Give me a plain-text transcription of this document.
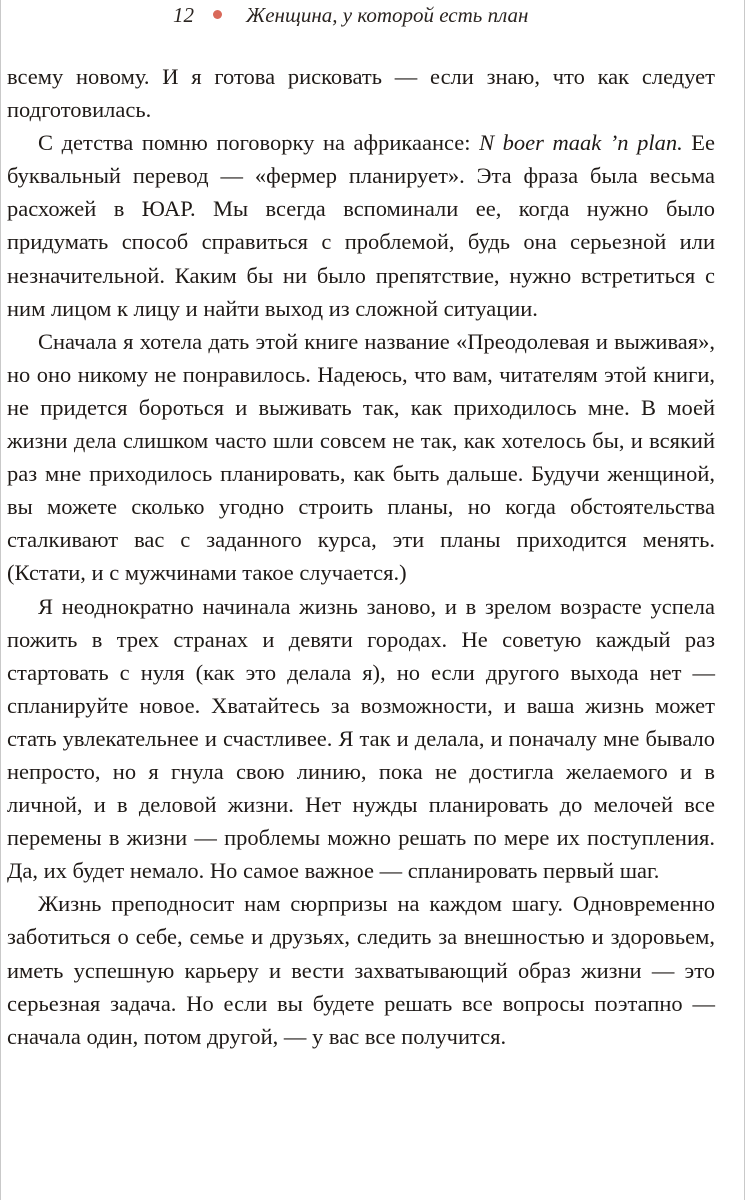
12 Женщина, у которой есть план

всему новому. И я готова рисковать — если знаю, что как следует подготовилась.

С детства помню поговорку на африкаансе: N boer maak ’n plan. Ее буквальный перевод — «фермер планирует». Эта фраза была весьма расхожей в ЮАР. Мы всегда вспоминали ее, когда нужно было придумать способ справиться с проблемой, будь она серьезной или незначительной. Каким бы ни было препятствие, нужно встретиться с ним лицом к лицу и найти выход из сложной ситуации.

Сначала я хотела дать этой книге название «Преодолевая и выживая», но оно никому не понравилось. Надеюсь, что вам, читателям этой книги, не придется бороться и выживать так, как приходилось мне. В моей жизни дела слишком часто шли совсем не так, как хотелось бы, и всякий раз мне приходилось планировать, как быть дальше. Будучи женщиной, вы можете сколько угодно строить планы, но когда обстоятельства сталкивают вас с заданного курса, эти планы приходится менять. (Кстати, и с мужчинами такое случается.)

Я неоднократно начинала жизнь заново, и в зрелом возрасте успела пожить в трех странах и девяти городах. Не советую каждый раз стартовать с нуля (как это делала я), но если другого выхода нет — спланируйте новое. Хватайтесь за возможности, и ваша жизнь может стать увлекательнее и счастливее. Я так и делала, и поначалу мне бывало непросто, но я гнула свою линию, пока не достигла желаемого и в личной, и в деловой жизни. Нет нужды планировать до мелочей все перемены в жизни — проблемы можно решать по мере их поступления. Да, их будет немало. Но самое важное — спланировать первый шаг.

Жизнь преподносит нам сюрпризы на каждом шагу. Одновременно заботиться о себе, семье и друзьях, следить за внешностью и здоровьем, иметь успешную карьеру и вести захватывающий образ жизни — это серьезная задача. Но если вы будете решать все вопросы поэтапно — сначала один, потом другой, — у вас все получится.
